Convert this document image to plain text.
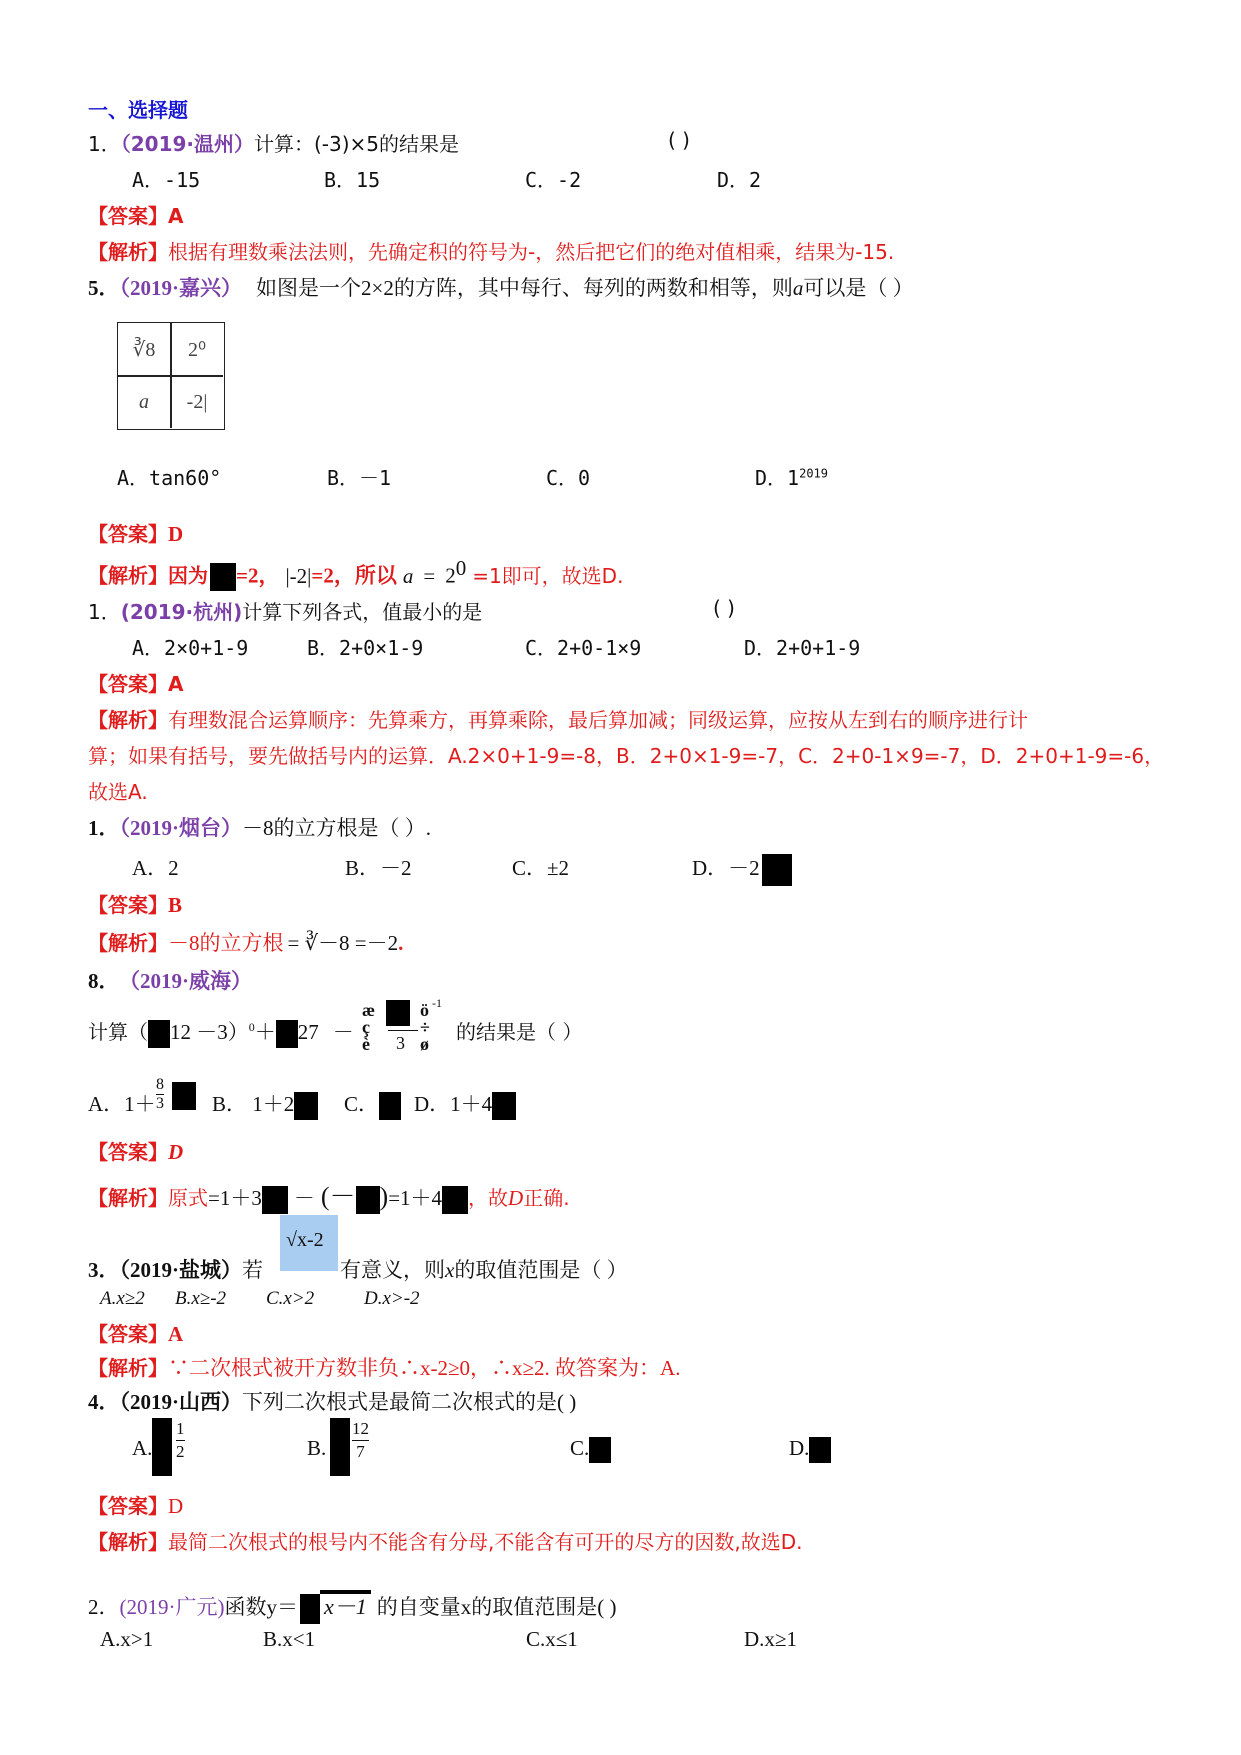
一、选择题
1．（2019·温州）计算：(-3)×5的结果是	( )
A．-15	B．15	C．-2	D．2
【答案】A
【解析】根据有理数乘法法则，先确定积的符号为-，然后把它们的绝对值相乘，结果为-15.
5．（2019·嘉兴） 如图是一个2×2的方阵，其中每行、每列的两数和相等，则a可以是（ ）
∛8	2⁰
a	-2|
A．tan60°	B．－1	C．0	D．$1^{2019}$
【答案】D
【解析】因为 =2， |-2|=2，所以 $a = 2^0 =1$即可，故选D.
1．(2019·杭州)计算下列各式，值最小的是	( )
A．2×0+1-9	B．2+0×1-9	C．2+0-1×9	D．2+0+1-9
【答案】A
【解析】有理数混合运算顺序：先算乘方，再算乘除，最后算加减；同级运算，应按从左到右的顺序进行计
算；如果有括号，要先做括号内的运算．A.2×0+1-9=-8，B．2+0×1-9=-7，C．2+0-1×9=-7，D．2+0+1-9=-6，
故选A.
1．（2019·烟台）－8的立方根是（ ）.
A．2	B．－2	C．±2	D．－2
【答案】B
【解析】－8的立方根 = ∛－8 =－2.
8． （2019·威海）
计算（ 12 －3）$^0$＋ 27 －
æ
ç
è 3
ö
÷
ø
-1
的结果是（ ）
A．$1+ \frac{8}{3}$ B． 1＋2	C．	D．1＋4
【答案】D
【解析】原式=1＋3 － (－ )=1＋4 ，故D正确.
√x-2
3．（2019·盐城）若	有意义，则x的取值范围是（ ）
A.x≥2 B.x≥-2 C.x>2	D.x>-2
【答案】A
【解析】∵二次根式被开方数非负∴x-2≥0，∴x≥2. 故答案为：A.
4．（2019·山西）下列二次根式是最简二次根式的是( )
A. $\frac{1}{2}$	B. $\frac{12}{7}$	C.	D.
【答案】D
【解析】最简二次根式的根号内不能含有分母,不能含有可开的尽方的因数,故选D.
2．(2019·广元)函数y＝ x－1 的自变量x的取值范围是( )
A.x>1	B.x<1	C.x≤1	D.x≥1
